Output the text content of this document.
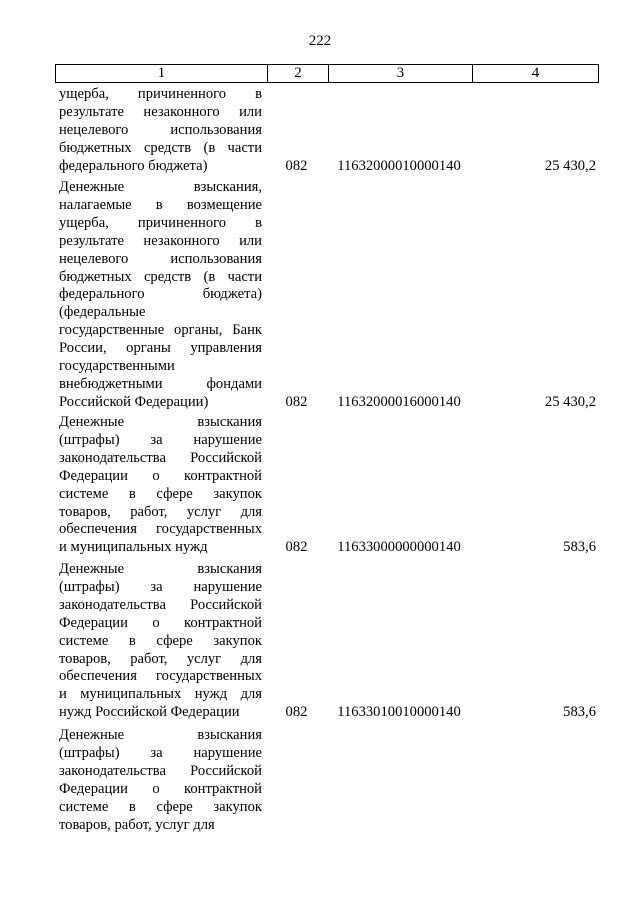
222
1	2	3	4
ущерба, причиненного в
результате незаконного или
нецелевого использования
бюджетных средств (в части
федерального бюджета)	082	11632000010000140	25 430,2
Денежные взыскания,
налагаемые в возмещение
ущерба, причиненного в
результате незаконного или
нецелевого использования
бюджетных средств (в части
федерального бюджета)
(федеральные
государственные органы, Банк
России, органы управления
государственными
внебюджетными фондами
Российской Федерации)	082	11632000016000140	25 430,2
Денежные взыскания
(штрафы) за нарушение
законодательства Российской
Федерации о контрактной
системе в сфере закупок
товаров, работ, услуг для
обеспечения государственных
и муниципальных нужд	082	11633000000000140	583,6
Денежные взыскания
(штрафы) за нарушение
законодательства Российской
Федерации о контрактной
системе в сфере закупок
товаров, работ, услуг для
обеспечения государственных
и муниципальных нужд для
нужд Российской Федерации	082	11633010010000140	583,6
Денежные взыскания
(штрафы) за нарушение
законодательства Российской
Федерации о контрактной
системе в сфере закупок
товаров, работ, услуг для
